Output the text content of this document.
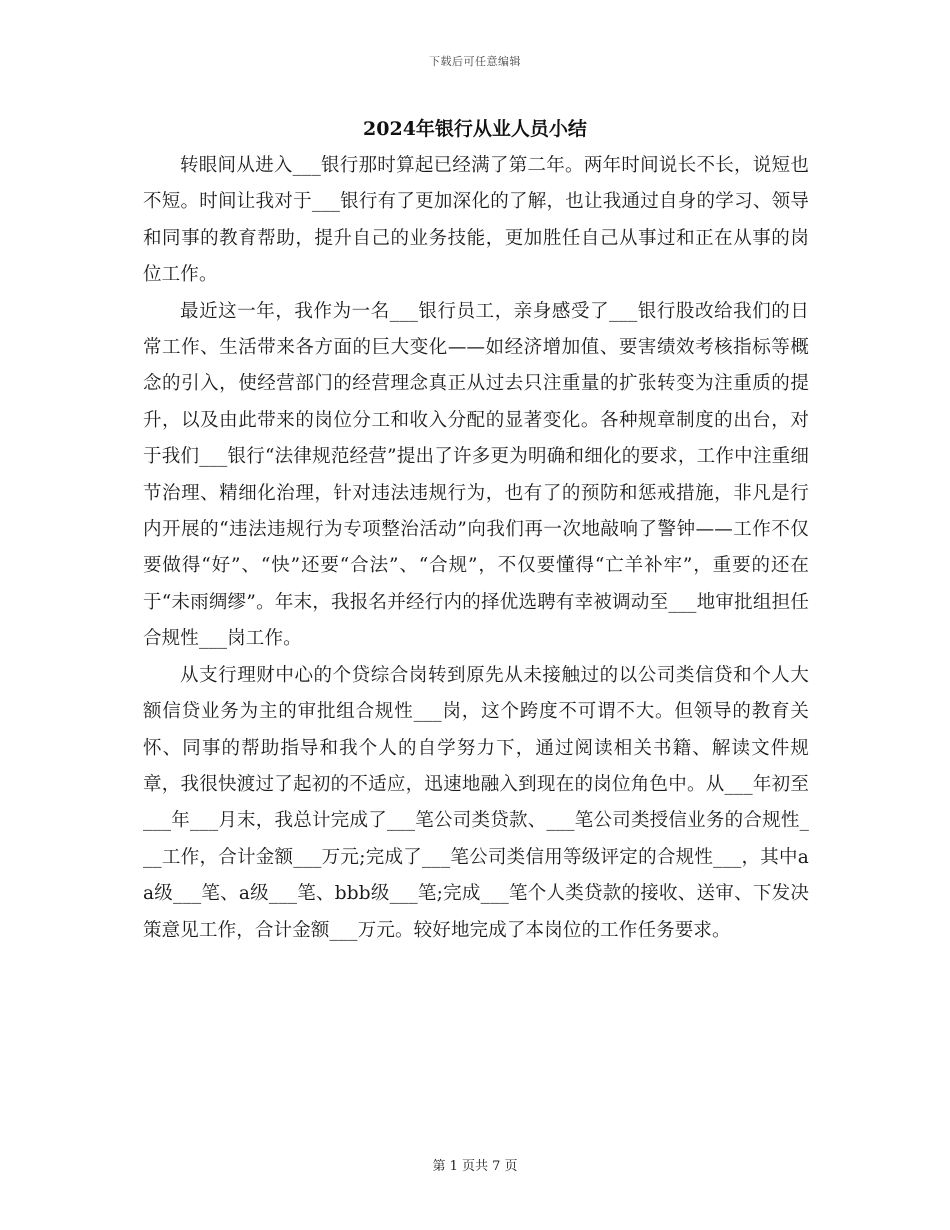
下载后可任意编辑
2024年银行从业人员小结

转眼间从进入___银行那时算起已经满了第二年。两年时间说长不长，说短也不短。时间让我对于___银行有了更加深化的了解，也让我通过自身的学习、领导和同事的教育帮助，提升自己的业务技能，更加胜任自己从事过和正在从事的岗位工作。

最近这一年，我作为一名___银行员工，亲身感受了___银行股改给我们的日常工作、生活带来各方面的巨大变化——如经济增加值、要害绩效考核指标等概念的引入，使经营部门的经营理念真正从过去只注重量的扩张转变为注重质的提升，以及由此带来的岗位分工和收入分配的显著变化。各种规章制度的出台，对于我们___银行“法律规范经营”提出了许多更为明确和细化的要求，工作中注重细节治理、精细化治理，针对违法违规行为，也有了的预防和惩戒措施，非凡是行内开展的“违法违规行为专项整治活动”向我们再一次地敲响了警钟——工作不仅要做得“好”、“快”还要“合法”、“合规”，不仅要懂得“亡羊补牢”，重要的还在于“未雨绸缪”。年末，我报名并经行内的择优选聘有幸被调动至___地审批组担任合规性___岗工作。

从支行理财中心的个贷综合岗转到原先从未接触过的以公司类信贷和个人大额信贷业务为主的审批组合规性___岗，这个跨度不可谓不大。但领导的教育关怀、同事的帮助指导和我个人的自学努力下，通过阅读相关书籍、解读文件规章，我很快渡过了起初的不适应，迅速地融入到现在的岗位角色中。从___年初至___年___月末，我总计完成了___笔公司类贷款、___笔公司类授信业务的合规性___工作，合计金额___万元;完成了___笔公司类信用等级评定的合规性___，其中aa级___笔、a级___笔、bbb级___笔;完成___笔个人类贷款的接收、送审、下发决策意见工作，合计金额___万元。较好地完成了本岗位的工作任务要求。

第 1 页共 7 页
